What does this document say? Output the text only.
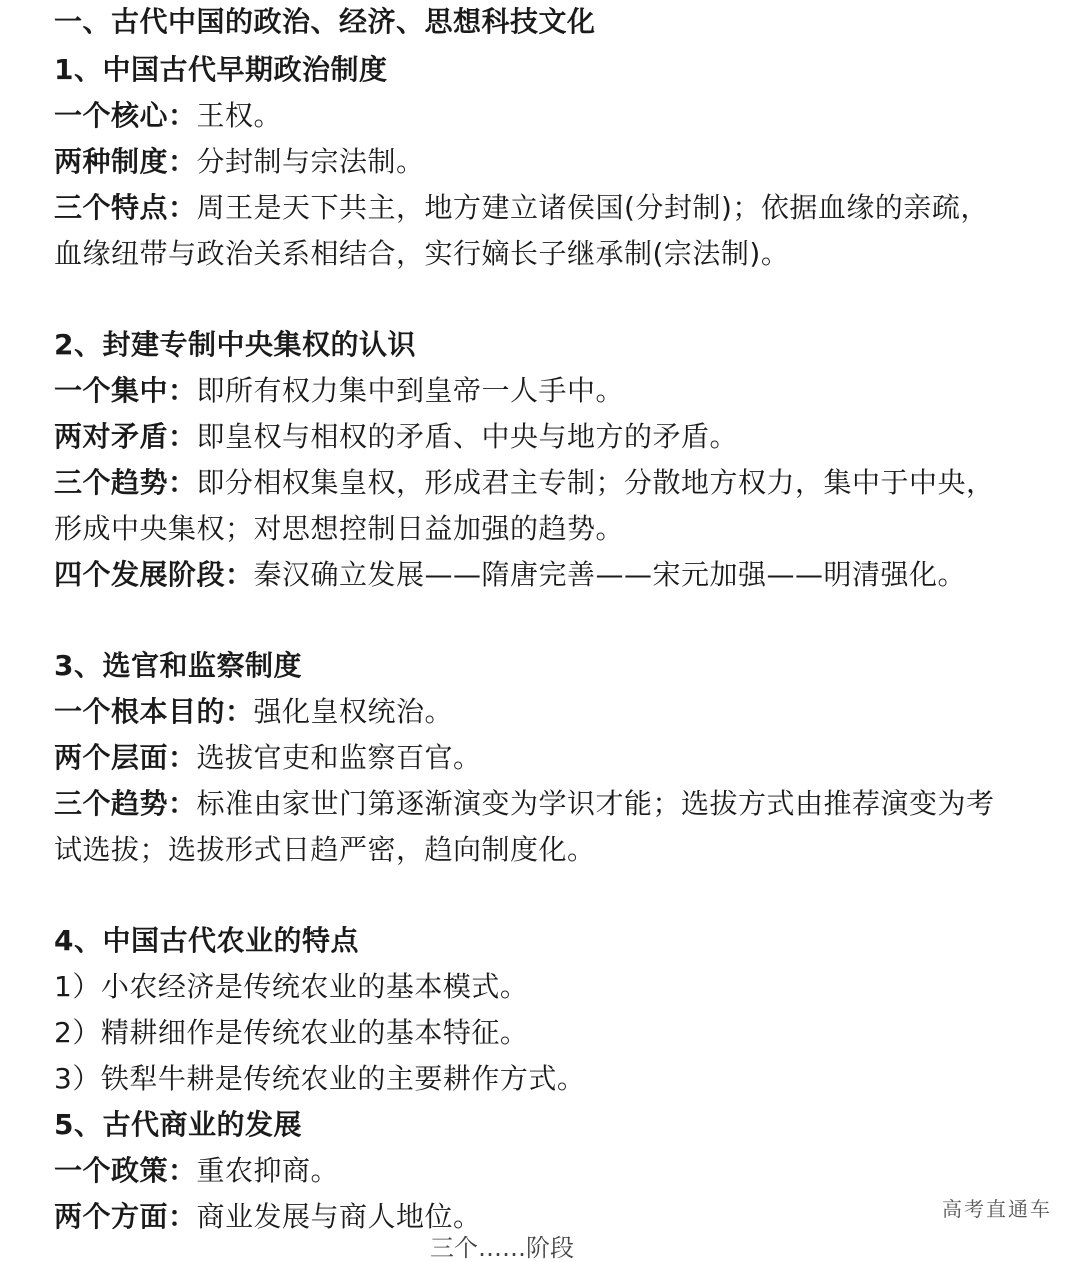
一、古代中国的政治、经济、思想科技文化
1、中国古代早期政治制度
一个核心：王权。
两种制度：分封制与宗法制。
三个特点：周王是天下共主，地方建立诸侯国(分封制)；依据血缘的亲疏，
血缘纽带与政治关系相结合，实行嫡长子继承制(宗法制)。
2、封建专制中央集权的认识
一个集中：即所有权力集中到皇帝一人手中。
两对矛盾：即皇权与相权的矛盾、中央与地方的矛盾。
三个趋势：即分相权集皇权，形成君主专制；分散地方权力，集中于中央，
形成中央集权；对思想控制日益加强的趋势。
四个发展阶段：秦汉确立发展——隋唐完善——宋元加强——明清强化。
3、选官和监察制度
一个根本目的：强化皇权统治。
两个层面：选拔官吏和监察百官。
三个趋势：标准由家世门第逐渐演变为学识才能；选拔方式由推荐演变为考
试选拔；选拔形式日趋严密，趋向制度化。
4、中国古代农业的特点
1）小农经济是传统农业的基本模式。
2）精耕细作是传统农业的基本特征。
3）铁犁牛耕是传统农业的主要耕作方式。
5、古代商业的发展
一个政策：重农抑商。
两个方面：商业发展与商人地位。
三个……阶段
高考直通车
